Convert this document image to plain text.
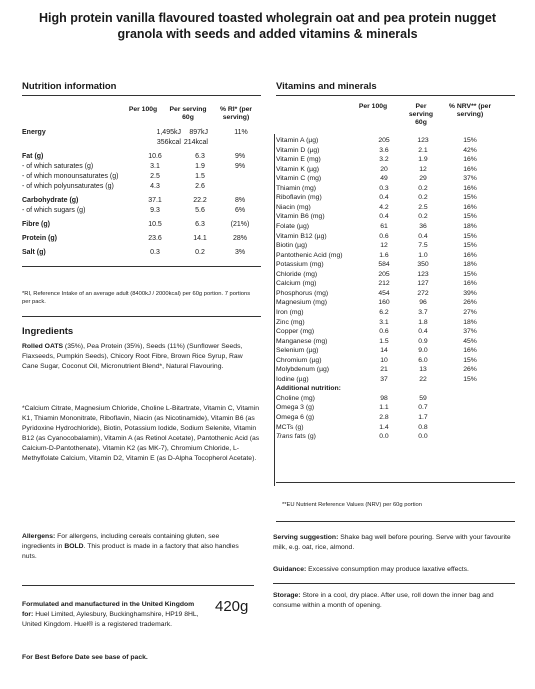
High protein vanilla flavoured toasted wholegrain oat and pea protein nugget granola with seeds and added vitamins & minerals
Nutrition information
Per 100g	Per serving 60g
% RI* (per serving)
Energy	1,495kJ	897kJ	11%
356kcal 214kcal
Fat (g)	10.6	6.3	9%
- of which saturates (g)	3.1	1.9	9%
- of which monounsaturates (g)	2.5	1.5
- of which polyunsaturates (g)	4.3	2.6
Carbohydrate (g)	37.1	22.2	8%
- of which sugars (g)	9.3	5.6	6%
Fibre (g)	10.5	6.3	(21%)
Protein (g)	23.6	14.1	28%
Salt (g)	0.3	0.2	3%
*RI, Reference Intake of an average adult (8400kJ / 2000kcal) per 60g portion. 7 portions per pack.
Ingredients
Rolled OATS (35%), Pea Protein (35%), Seeds (11%) (Sunflower Seeds, Flaxseeds, Pumpkin Seeds), Chicory Root Fibre, Brown Rice Syrup, Raw Cane Sugar, Coconut Oil, Micronutrient Blend*, Natural Flavouring.
*Calcium Citrate, Magnesium Chloride, Choline L-Bitartrate, Vitamin C, Vitamin K1, Thiamin Mononitrate, Riboflavin, Niacin (as Nicotinamide), Vitamin B6 (as Pyridoxine Hydrochloride), Biotin, Potassium Iodide, Sodium Selenite, Vitamin B12 (as Cyanocobalamin), Vitamin A (as Retinol Acetate), Pantothenic Acid (as Calcium-D-Pantothenate), Vitamin K2 (as MK-7), Chromium Chloride, L-Methylfolate Calcium, Vitamin D2, Vitamin E (as D-Alpha Tocopherol Acetate).
Vitamins and minerals
Per 100g	Per serving 60g
% NRV** (per serving)
Vitamin A (µg)	205	123	15%
Vitamin D (µg)	3.6	2.1	42%
Vitamin E (mg)	3.2	1.9	16%
Vitamin K (µg)	20	12	16%
Vitamin C (mg)	49	29	37%
Thiamin (mg)	0.3	0.2	16%
Riboflavin (mg)	0.4	0.2	15%
Niacin (mg)	4.2	2.5	16%
Vitamin B6 (mg)	0.4	0.2	15%
Folate (µg)	61	36	18%
Vitamin B12 (µg)	0.6	0.4	15%
Biotin (µg)	12	7.5	15%
Pantothenic Acid (mg)	1.6	1.0	16%
Potassium (mg)	584	350	18%
Chloride (mg)	205	123	15%
Calcium (mg)	212	127	16%
Phosphorus (mg)	454	272	39%
Magnesium (mg)	160	96	26%
Iron (mg)	6.2	3.7	27%
Zinc (mg)	3.1	1.8	18%
Copper (mg)	0.6	0.4	37%
Manganese (mg)	1.5	0.9	45%
Selenium (µg)	14	9.0	16%
Chromium (µg)	10	6.0	15%
Molybdenum (µg)	21	13	26%
Iodine (µg)	37	22	15%
Additional nutrition:
Choline (mg)	98	59
Omega 3 (g)	1.1	0.7
Omega 6 (g)	2.8	1.7
MCTs (g)	1.4	0.8
Trans fats (g)	0.0	0.0
**EU Nutrient Reference Values (NRV) per 60g portion
Allergens: For allergens, including cereals containing gluten, see ingredients in BOLD. This product is made in a factory that also handles nuts.
Serving suggestion: Shake bag well before pouring. Serve with your favourite milk, e.g. oat, rice, almond.
Guidance: Excessive consumption may produce laxative effects.
Storage: Store in a cool, dry place. After use, roll down the inner bag and consume within a month of opening.
Formulated and manufactured in the United Kingdom for: Huel Limited, Aylesbury, Buckinghamshire, HP19 8HL, United Kingdom. Huel® is a registered trademark.
420g
For Best Before Date see base of pack.
